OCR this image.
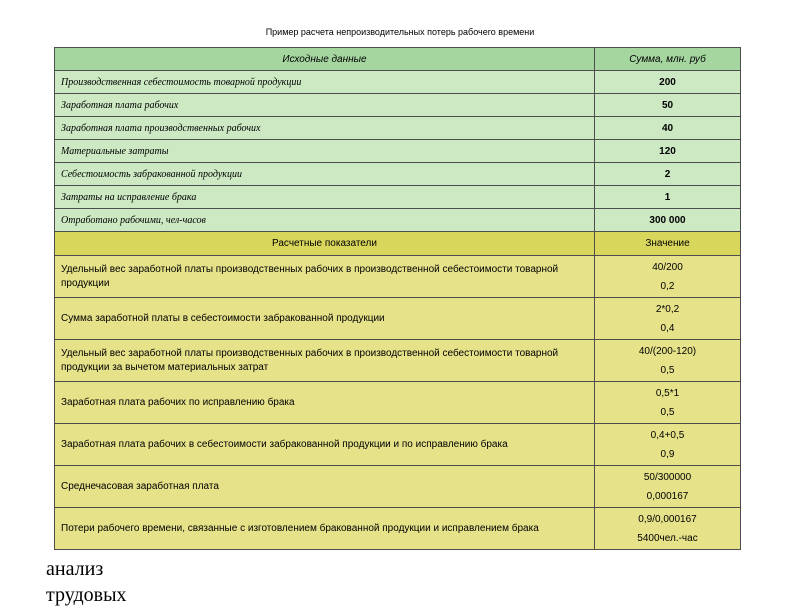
Пример расчета непроизводительных потерь рабочего времени
Исходные данные	Сумма, млн. руб
Производственная себестоимость товарной продукции	200
Заработная плата рабочих	50
Заработная плата производственных рабочих	40
Материальные затраты	120
Себестоимость забракованной продукции	2
Затраты на исправление брака	1
Отработано рабочими, чел-часов	300 000
Расчетные показатели	Значение
Удельный вес заработной платы производственных рабочих в производственной себестоимости товарной продукции	40/200
0,2
Сумма заработной платы в себестоимости забракованной продукции	2*0,2
0,4
Удельный вес заработной платы производственных рабочих в производственной себестоимости товарной продукции за вычетом материальных затрат	40/(200-120)
0,5
Заработная плата рабочих по исправлению брака	0,5*1
0,5
Заработная плата рабочих в себестоимости забракованной продукции и по исправлению брака	0,4+0,5
0,9
Среднечасовая заработная плата	50/300000
0,000167
Потери рабочего времени, связанные с изготовлением бракованной продукции и исправлением брака	0,9/0,000167
5400чел.-час

анализ
трудовых
